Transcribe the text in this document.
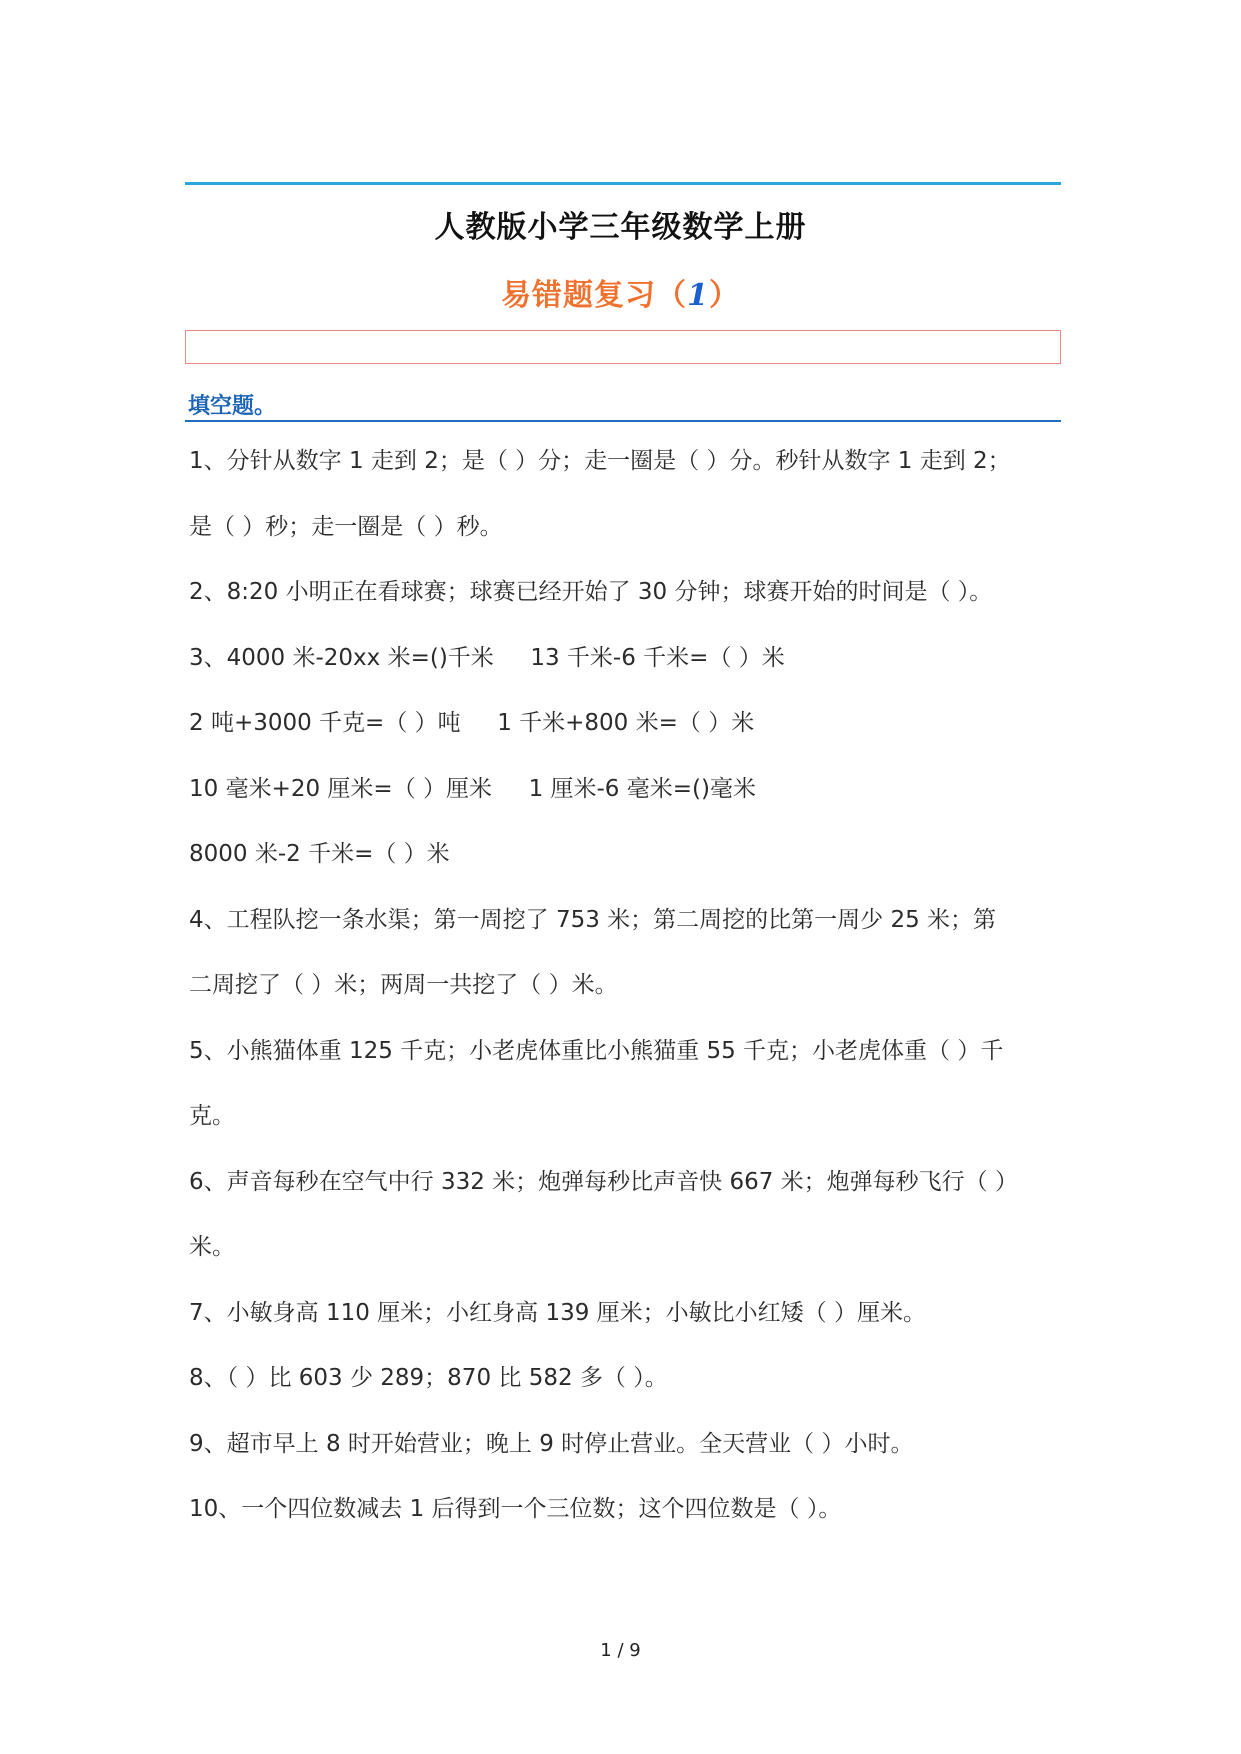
人教版小学三年级数学上册
易错题复习（1）
填空题。
1、分针从数字 1 走到 2；是（ ）分；走一圈是（ ）分。秒针从数字 1 走到 2；
是（ ）秒；走一圈是（ ）秒。
2、8:20 小明正在看球赛；球赛已经开始了 30 分钟；球赛开始的时间是（ ）。
3、4000 米-20xx 米=()千米     13 千米-6 千米=（ ）米
2 吨+3000 千克=（ ）吨     1 千米+800 米=（ ）米
10 毫米+20 厘米=（ ）厘米     1 厘米-6 毫米=()毫米
8000 米-2 千米=（ ）米
4、工程队挖一条水渠；第一周挖了 753 米；第二周挖的比第一周少 25 米；第
二周挖了（ ）米；两周一共挖了（ ）米。
5、小熊猫体重 125 千克；小老虎体重比小熊猫重 55 千克；小老虎体重（ ）千
克。
6、声音每秒在空气中行 332 米；炮弹每秒比声音快 667 米；炮弹每秒飞行（ ）
米。
7、小敏身高 110 厘米；小红身高 139 厘米；小敏比小红矮（ ）厘米。
8、（ ）比 603 少 289；870 比 582 多（ ）。
9、超市早上 8 时开始营业；晚上 9 时停止营业。全天营业（ ）小时。
10、一个四位数减去 1 后得到一个三位数；这个四位数是（ ）。
1 / 9
